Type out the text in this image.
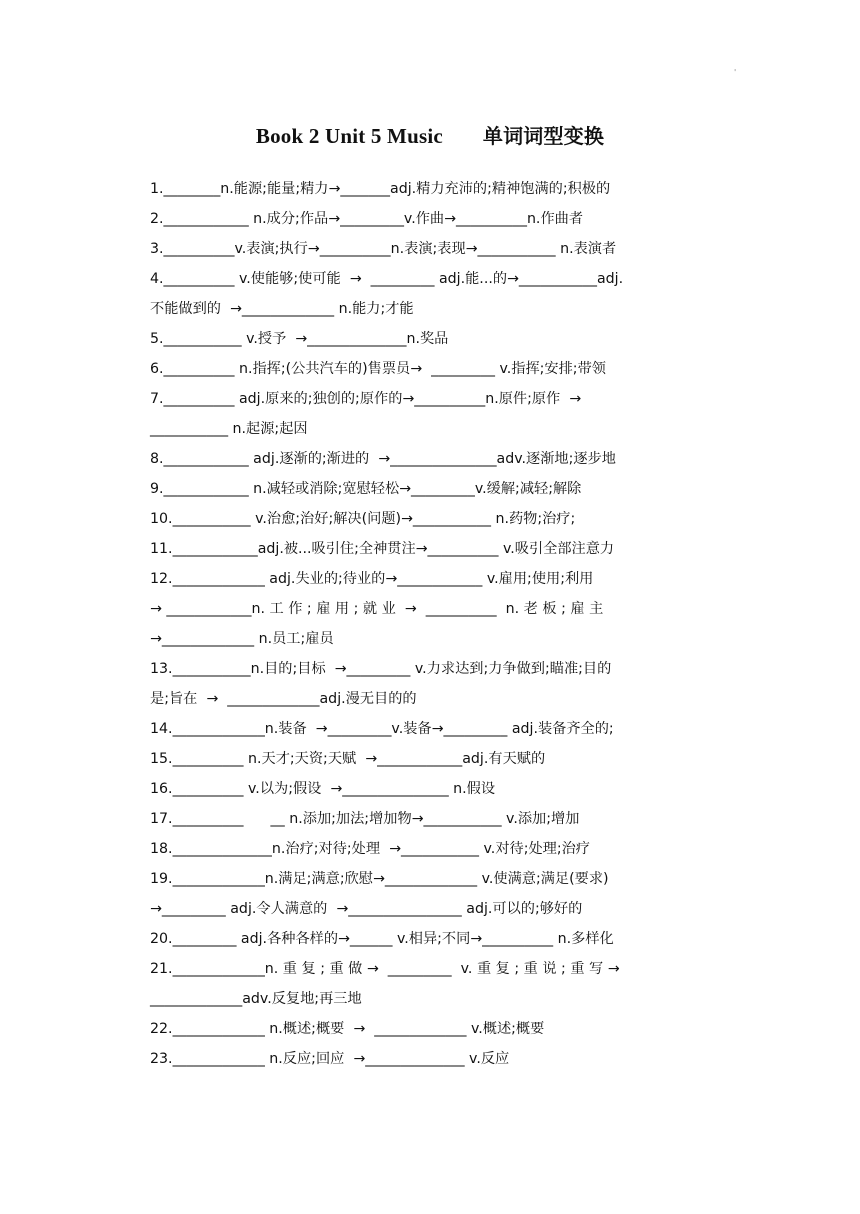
'
Book 2 Unit 5 Music 单词词型变换
1.________n.能源;能量;精力→_______adj.精力充沛的;精神饱满的;积极的
2.____________ n.成分;作品→_________v.作曲→__________n.作曲者
3.__________v.表演;执行→__________n.表演;表现→___________ n.表演者
4.__________ v.使能够;使可能  →  _________ adj.能...的→___________adj.
不能做到的  →_____________ n.能力;才能
5.___________ v.授予  →______________n.奖品
6.__________ n.指挥;(公共汽车的)售票员→  _________ v.指挥;安排;带领
7.__________ adj.原来的;独创的;原作的→__________n.原件;原作  →
___________ n.起源;起因
8.____________ adj.逐渐的;渐进的  →_______________adv.逐渐地;逐步地
9.____________ n.减轻或消除;宽慰轻松→_________v.缓解;减轻;解除
10.___________ v.治愈;治好;解决(问题)→___________ n.药物;治疗;
11.____________adj.被...吸引住;全神贯注→__________ v.吸引全部注意力
12._____________ adj.失业的;待业的→____________ v.雇用;使用;利用
→ ____________n. 工 作 ; 雇 用 ; 就 业  →  __________  n. 老 板 ; 雇 主
→_____________ n.员工;雇员
13.___________n.目的;目标  →_________ v.力求达到;力争做到;瞄准;目的
是;旨在  →  _____________adj.漫无目的的
14._____________n.装备  →_________v.装备→_________ adj.装备齐全的;
15.__________ n.天才;天资;天赋  →____________adj.有天赋的
16.__________ v.以为;假设  →_______________ n.假设
17.__________      __ n.添加;加法;增加物→___________ v.添加;增加
18.______________n.治疗;对待;处理  →___________ v.对待;处理;治疗
19._____________n.满足;满意;欣慰→_____________ v.使满意;满足(要求)
→_________ adj.令人满意的  →________________ adj.可以的;够好的
20._________ adj.各种各样的→______ v.相异;不同→__________ n.多样化
21._____________n. 重 复 ; 重 做 →  _________  v. 重 复 ; 重 说 ; 重 写 →
_____________adv.反复地;再三地
22._____________ n.概述;概要  →  _____________ v.概述;概要
23._____________ n.反应;回应  →______________ v.反应
